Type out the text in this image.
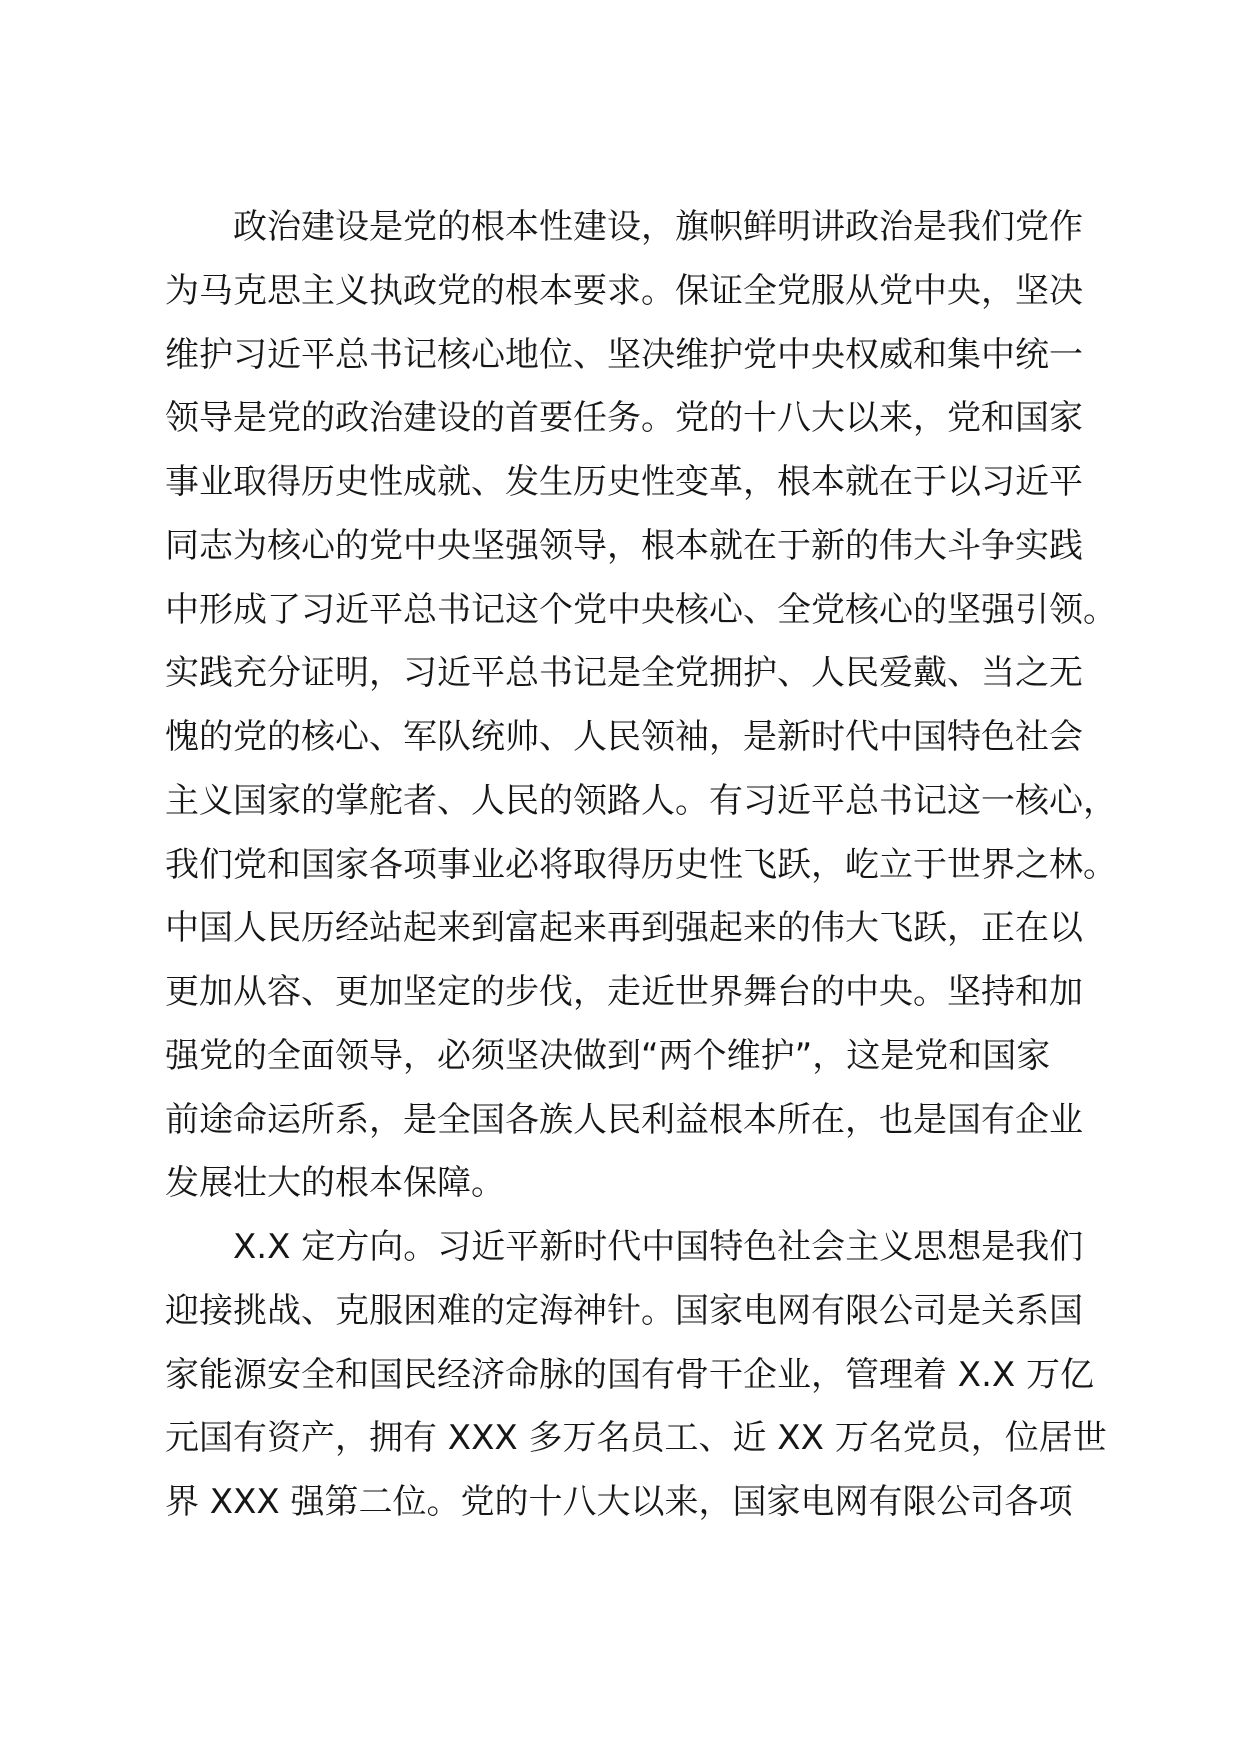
政治建设是党的根本性建设，旗帜鲜明讲政治是我们党作
为马克思主义执政党的根本要求。保证全党服从党中央，坚决
维护习近平总书记核心地位、坚决维护党中央权威和集中统一
领导是党的政治建设的首要任务。党的十八大以来，党和国家
事业取得历史性成就、发生历史性变革，根本就在于以习近平
同志为核心的党中央坚强领导，根本就在于新的伟大斗争实践
中形成了习近平总书记这个党中央核心、全党核心的坚强引领。
实践充分证明，习近平总书记是全党拥护、人民爱戴、当之无
愧的党的核心、军队统帅、人民领袖，是新时代中国特色社会
主义国家的掌舵者、人民的领路人。有习近平总书记这一核心，
我们党和国家各项事业必将取得历史性飞跃，屹立于世界之林。
中国人民历经站起来到富起来再到强起来的伟大飞跃，正在以
更加从容、更加坚定的步伐，走近世界舞台的中央。坚持和加
强党的全面领导，必须坚决做到“两个维护”，这是党和国家
前途命运所系，是全国各族人民利益根本所在，也是国有企业
发展壮大的根本保障。
X.X 定方向。习近平新时代中国特色社会主义思想是我们
迎接挑战、克服困难的定海神针。国家电网有限公司是关系国
家能源安全和国民经济命脉的国有骨干企业，管理着 X.X 万亿
元国有资产，拥有 XXX 多万名员工、近 XX 万名党员，位居世
界 XXX 强第二位。党的十八大以来，国家电网有限公司各项
